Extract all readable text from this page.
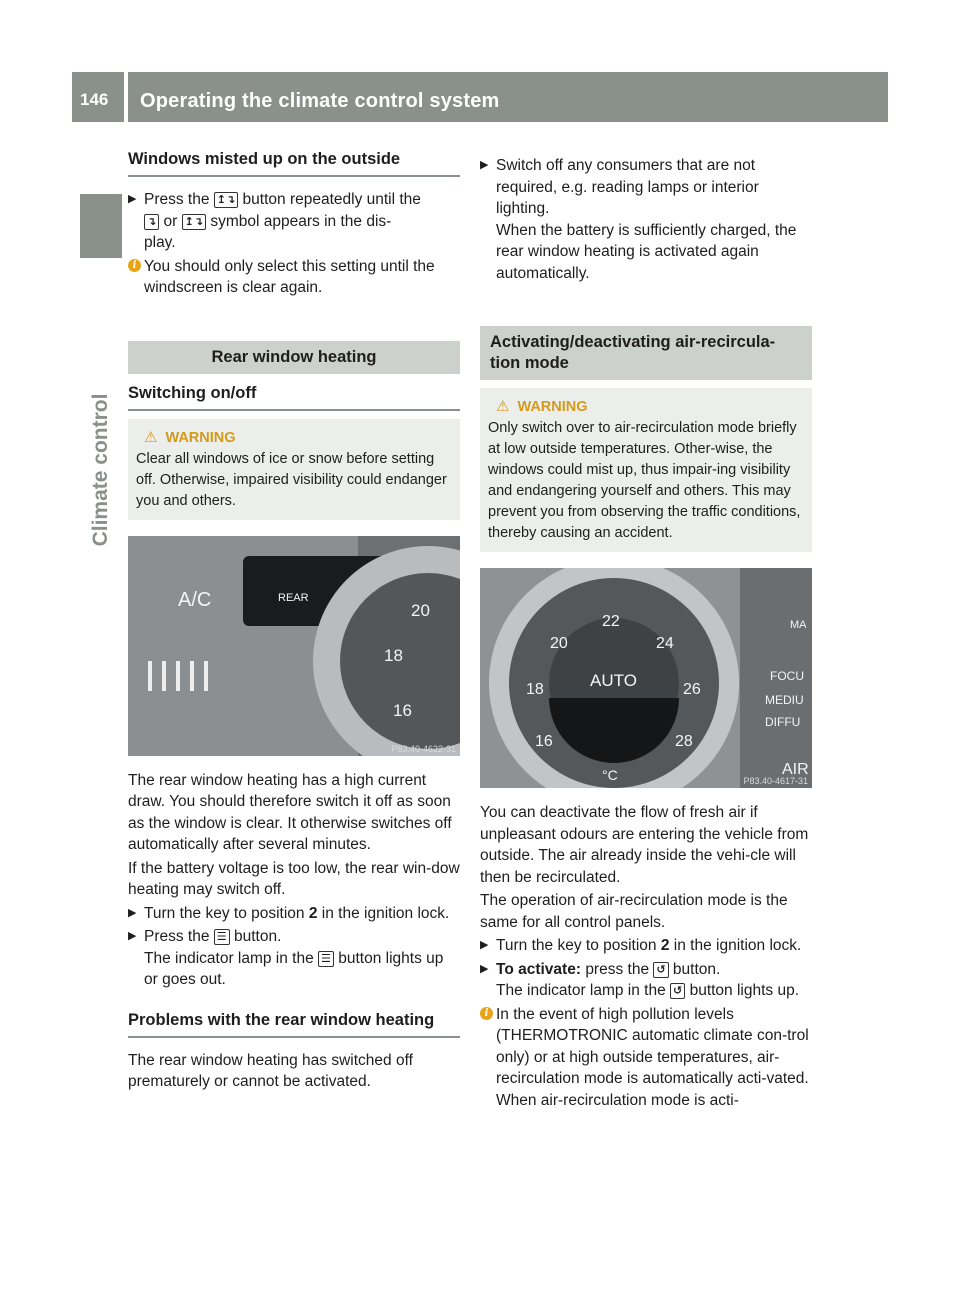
146 Operating the climate control system
Climate control
Windows misted up on the outside
▶ Press the ↥↴ button repeatedly until the
↴ or ↥↴ symbol appears in the dis-
play.
i You should only select this setting until the windscreen is clear again.
Rear window heating
Switching on/off
⚠ WARNING
Clear all windows of ice or snow before setting off. Otherwise, impaired visibility could endanger you and others.
A/C	REAR
20
18
16
P83.40-4622-31

The rear window heating has a high current draw. You should therefore switch it off as soon as the window is clear. It otherwise switches off automatically after several minutes.

If the battery voltage is too low, the rear win-dow heating may switch off.

▶ Turn the key to position 2 in the ignition lock.
▶ Press the ☰ button.
The indicator lamp in the ☰ button lights up or goes out.
Problems with the rear window heating

The rear window heating has switched off prematurely or cannot be activated.

▶ Switch off any consumers that are not required, e.g. reading lamps or interior lighting.
When the battery is sufficiently charged, the rear window heating is activated again automatically.
Activating/deactivating air-recircula-tion mode
⚠ WARNING
Only switch over to air-recirculation mode briefly at low outside temperatures. Other-wise, the windows could mist up, thus impair-ing visibility and endangering yourself and others. This may prevent you from observing the traffic conditions, thereby causing an accident.
22
20	24
18	26
16	28
AUTO
°C
MA
FOCU
MEDIU
DIFFU
AIR
P83.40-4617-31

You can deactivate the flow of fresh air if unpleasant odours are entering the vehicle from outside. The air already inside the vehi-cle will then be recirculated.

The operation of air-recirculation mode is the same for all control panels.

▶ Turn the key to position 2 in the ignition lock.
▶ To activate: press the ↺ button.
The indicator lamp in the ↺ button lights up.
i In the event of high pollution levels (THERMOTRONIC automatic climate con-trol only) or at high outside temperatures, air-recirculation mode is automatically acti-vated. When air-recirculation mode is acti-
